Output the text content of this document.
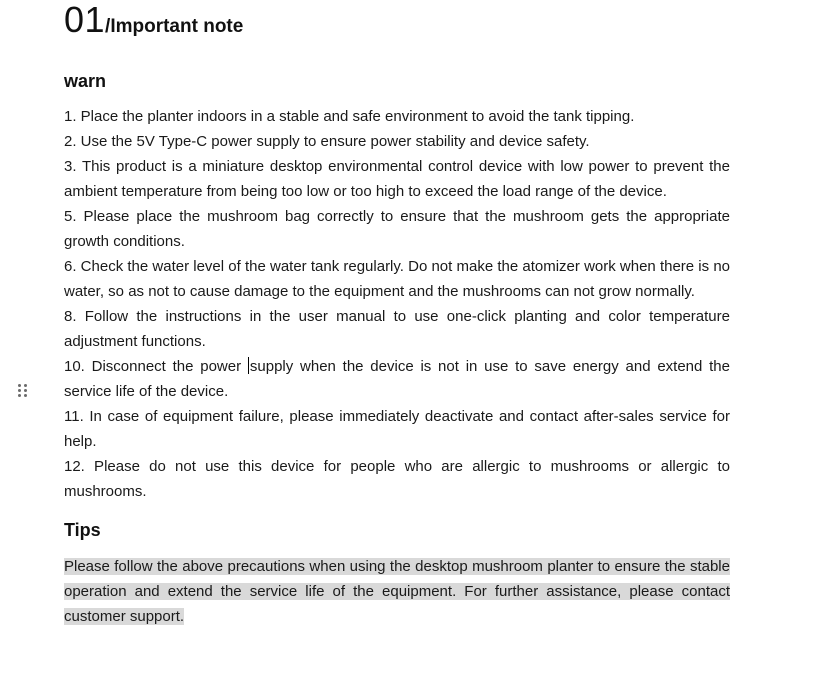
01 /Important note
warn

1. Place the planter indoors in a stable and safe environment to avoid the tank tipping.

2. Use the 5V Type-C power supply to ensure power stability and device safety.

3. This product is a miniature desktop environmental control device with low power to prevent the ambient temperature from being too low or too high to exceed the load range of the device.

5. Please place the mushroom bag correctly to ensure that the mushroom gets the appropriate growth conditions.

6. Check the water level of the water tank regularly. Do not make the atomizer work when there is no water, so as not to cause damage to the equipment and the mushrooms can not grow normally.

8. Follow the instructions in the user manual to use one-click planting and color temperature adjustment functions.

10. Disconnect the power supply when the device is not in use to save energy and extend the service life of the device.

11. In case of equipment failure, please immediately deactivate and contact after-sales service for help.

12. Please do not use this device for people who are allergic to mushrooms or allergic to mushrooms.

Tips

Please follow the above precautions when using the desktop mushroom planter to ensure the stable operation and extend the service life of the equipment. For further assistance, please contact customer support.
